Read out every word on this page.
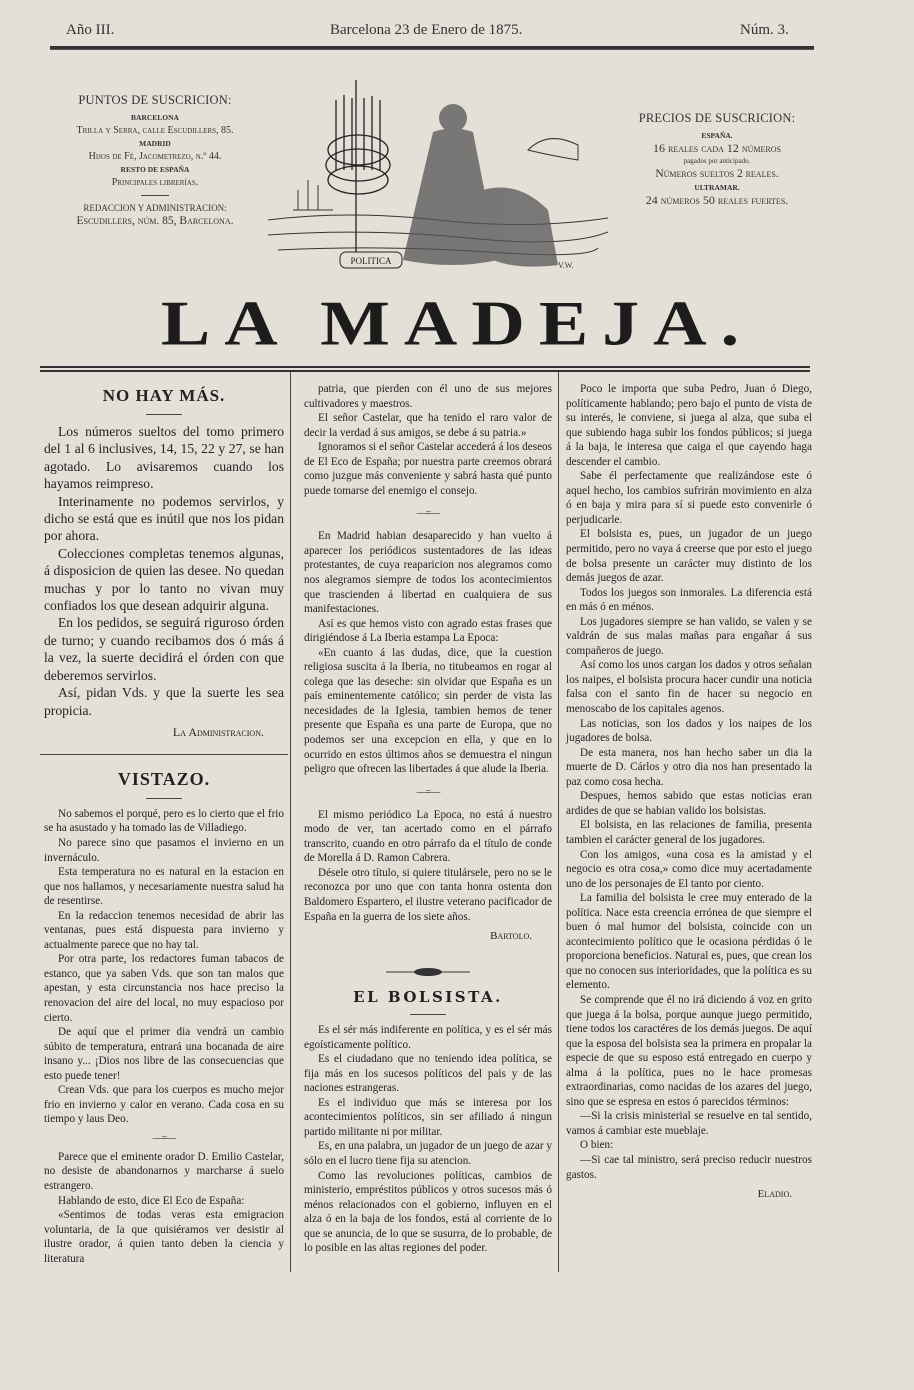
Año III.	Barcelona 23 de Enero de 1875.	Núm. 3.
PUNTOS DE SUSCRICION:
BARCELONA
Trilla y Serra, calle Escudillers, 85.
MADRID
Hijos de Fé, Jacometrezo, n.º 44.
RESTO DE ESPAÑA
Principales librerías.
REDACCION Y ADMINISTRACION:
Escudillers, núm. 85, Barcelona.
POLITICA	V.W.
PRECIOS DE SUSCRICION:
ESPAÑA.
16 reales cada 12 números
pagados por anticipado.
Números sueltos 2 reales.
ULTRAMAR.
24 números 50 reales fuertes.
LA MADEJA.
NO HAY MÁS.

Los números sueltos del tomo primero del 1 al 6 inclusives, 14, 15, 22 y 27, se han agotado. Lo avisaremos cuando los hayamos reimpreso.

Interinamente no podemos servirlos, y dicho se está que es inútil que nos los pidan por ahora.

Colecciones completas tenemos algunas, á disposicion de quien las desee. No quedan muchas y por lo tanto no vivan muy confiados los que desean adquirir alguna.

En los pedidos, se seguirá riguroso órden de turno; y cuando recibamos dos ó más á la vez, la suerte decidirá el órden con que deberemos servirlos.

Así, pidan Vds. y que la suerte les sea propicia.

La Administracion.
VISTAZO.

No sabemos el porqué, pero es lo cierto que el frio se ha asustado y ha tomado las de Villadiego.

No parece sino que pasamos el invierno en un invernáculo.

Esta temperatura no es natural en la estacion en que nos hallamos, y necesariamente nuestra salud ha de resentirse.

En la redaccion tenemos necesidad de abrir las ventanas, pues está dispuesta para invierno y actualmente parece que no hay tal.

Por otra parte, los redactores fuman tabacos de estanco, que ya saben Vds. que son tan malos que apestan, y esta circunstancia nos hace preciso la renovacion del aire del local, no muy espacioso por cierto.

De aquí que el primer dia vendrá un cambio súbito de temperatura, entrará una bocanada de aire insano y... ¡Dios nos libre de las consecuencias que esto puede tener!

Crean Vds. que para los cuerpos es mucho mejor frio en invierno y calor en verano. Cada cosa en su tiempo y laus Deo.

—=—

Parece que el eminente orador D. Emilio Castelar, no desiste de abandonarnos y marcharse á suelo estrangero.

Hablando de esto, dice El Eco de España:

«Sentimos de todas veras esta emigracion voluntaria, de la que quisiéramos ver desistir al ilustre orador, á quien tanto deben la ciencia y literatura

patria, que pierden con él uno de sus mejores cultivadores y maestros.

El señor Castelar, que ha tenido el raro valor de decir la verdad á sus amigos, se debe á su patria.»

Ignoramos si el señor Castelar accederá á los deseos de El Eco de España; por nuestra parte creemos obrará como juzgue más conveniente y sabrá hasta qué punto puede tomarse del enemigo el consejo.

—=—

En Madrid habian desaparecido y han vuelto á aparecer los periódicos sustentadores de las ideas protestantes, de cuya reaparicion nos alegramos como nos alegramos siempre de todos los acontecimientos que trascienden á libertad en cualquiera de sus manifestaciones.

Así es que hemos visto con agrado estas frases que dirigiéndose á La Iberia estampa La Epoca:

«En cuanto á las dudas, dice, que la cuestion religiosa suscita á la Iberia, no titubeamos en rogar al colega que las deseche: sin olvidar que España es un país eminentemente católico; sin perder de vista las necesidades de la Iglesia, tambien hemos de tener presente que España es una parte de Europa, que no podemos ser una excepcion en ella, y que en lo ocurrido en estos últimos años se demuestra el ningun peligro que ofrecen las libertades á que alude la Iberia.

—=—

El mismo periódico La Epoca, no está á nuestro modo de ver, tan acertado como en el párrafo transcrito, cuando en otro párrafo da el título de conde de Morella á D. Ramon Cabrera.

Désele otro título, si quiere titulársele, pero no se le reconozca por uno que con tanta honra ostenta don Baldomero Espartero, el ilustre veterano pacificador de España en la guerra de los siete años.

Bartolo.
EL BOLSISTA.

Es el sér más indiferente en política, y es el sér más egoísticamente político.

Es el ciudadano que no teniendo idea política, se fija más en los sucesos políticos del pais y de las naciones estrangeras.

Es el individuo que más se interesa por los acontecimientos políticos, sin ser afiliado á ningun partido militante ni por militar.

Es, en una palabra, un jugador de un juego de azar y sólo en el lucro tiene fija su atencion.

Como las revoluciones políticas, cambios de ministerio, empréstitos públicos y otros sucesos más ó ménos relacionados con el gobierno, influyen en el alza ó en la baja de los fondos, está al corriente de lo que se anuncia, de lo que se susurra, de lo probable, de lo posible en las altas regiones del poder.

Poco le importa que suba Pedro, Juan ó Diego, políticamente hablando; pero bajo el punto de vista de su interés, le conviene, si juega al alza, que suba el que subiendo haga subir los fondos públicos; si juega á la baja, le interesa que caiga el que cayendo haga descender el cambio.

Sabe él perfectamente que realizándose este ó aquel hecho, los cambios sufrirán movimiento en alza ó en baja y mira para sí si puede esto convenirle ó perjudicarle.

El bolsista es, pues, un jugador de un juego permitido, pero no vaya á creerse que por esto el juego de bolsa presente un carácter muy distinto de los demás juegos de azar.

Todos los juegos son inmorales. La diferencia está en más ó en ménos.

Los jugadores siempre se han valido, se valen y se valdrán de sus malas mañas para engañar á sus compañeros de juego.

Así como los unos cargan los dados y otros señalan los naipes, el bolsista procura hacer cundir una noticia falsa con el santo fin de hacer su negocio en menoscabo de los capitales agenos.

Las noticias, son los dados y los naipes de los jugadores de bolsa.

De esta manera, nos han hecho saber un dia la muerte de D. Cárlos y otro dia nos han presentado la paz como cosa hecha.

Despues, hemos sabido que estas noticias eran ardides de que se habian valido los bolsistas.

El bolsista, en las relaciones de familia, presenta tambien el carácter general de los jugadores.

Con los amigos, «una cosa es la amistad y el negocio es otra cosa,» como dice muy acertadamente uno de los personajes de El tanto por ciento.

La familia del bolsista le cree muy enterado de la política. Nace esta creencia errónea de que siempre el buen ó mal humor del bolsista, coincide con un acontecimiento político que le ocasiona pérdidas ó le proporciona beneficios. Natural es, pues, que crean los que no conocen sus interioridades, que la política es su elemento.

Se comprende que él no irá diciendo á voz en grito que juega á la bolsa, porque aunque juego permitido, tiene todos los caractéres de los demás juegos. De aquí que la esposa del bolsista sea la primera en propalar la especie de que su esposo está entregado en cuerpo y alma á la política, pues no le hace promesas extraordinarias, como nacidas de los azares del juego, sino que se espresa en estos ó parecidos términos:

—Si la crisis ministerial se resuelve en tal sentido, vamos á cambiar este mueblaje.

O bien:

—Si cae tal ministro, será preciso reducir nuestros gastos.

Eladio.
